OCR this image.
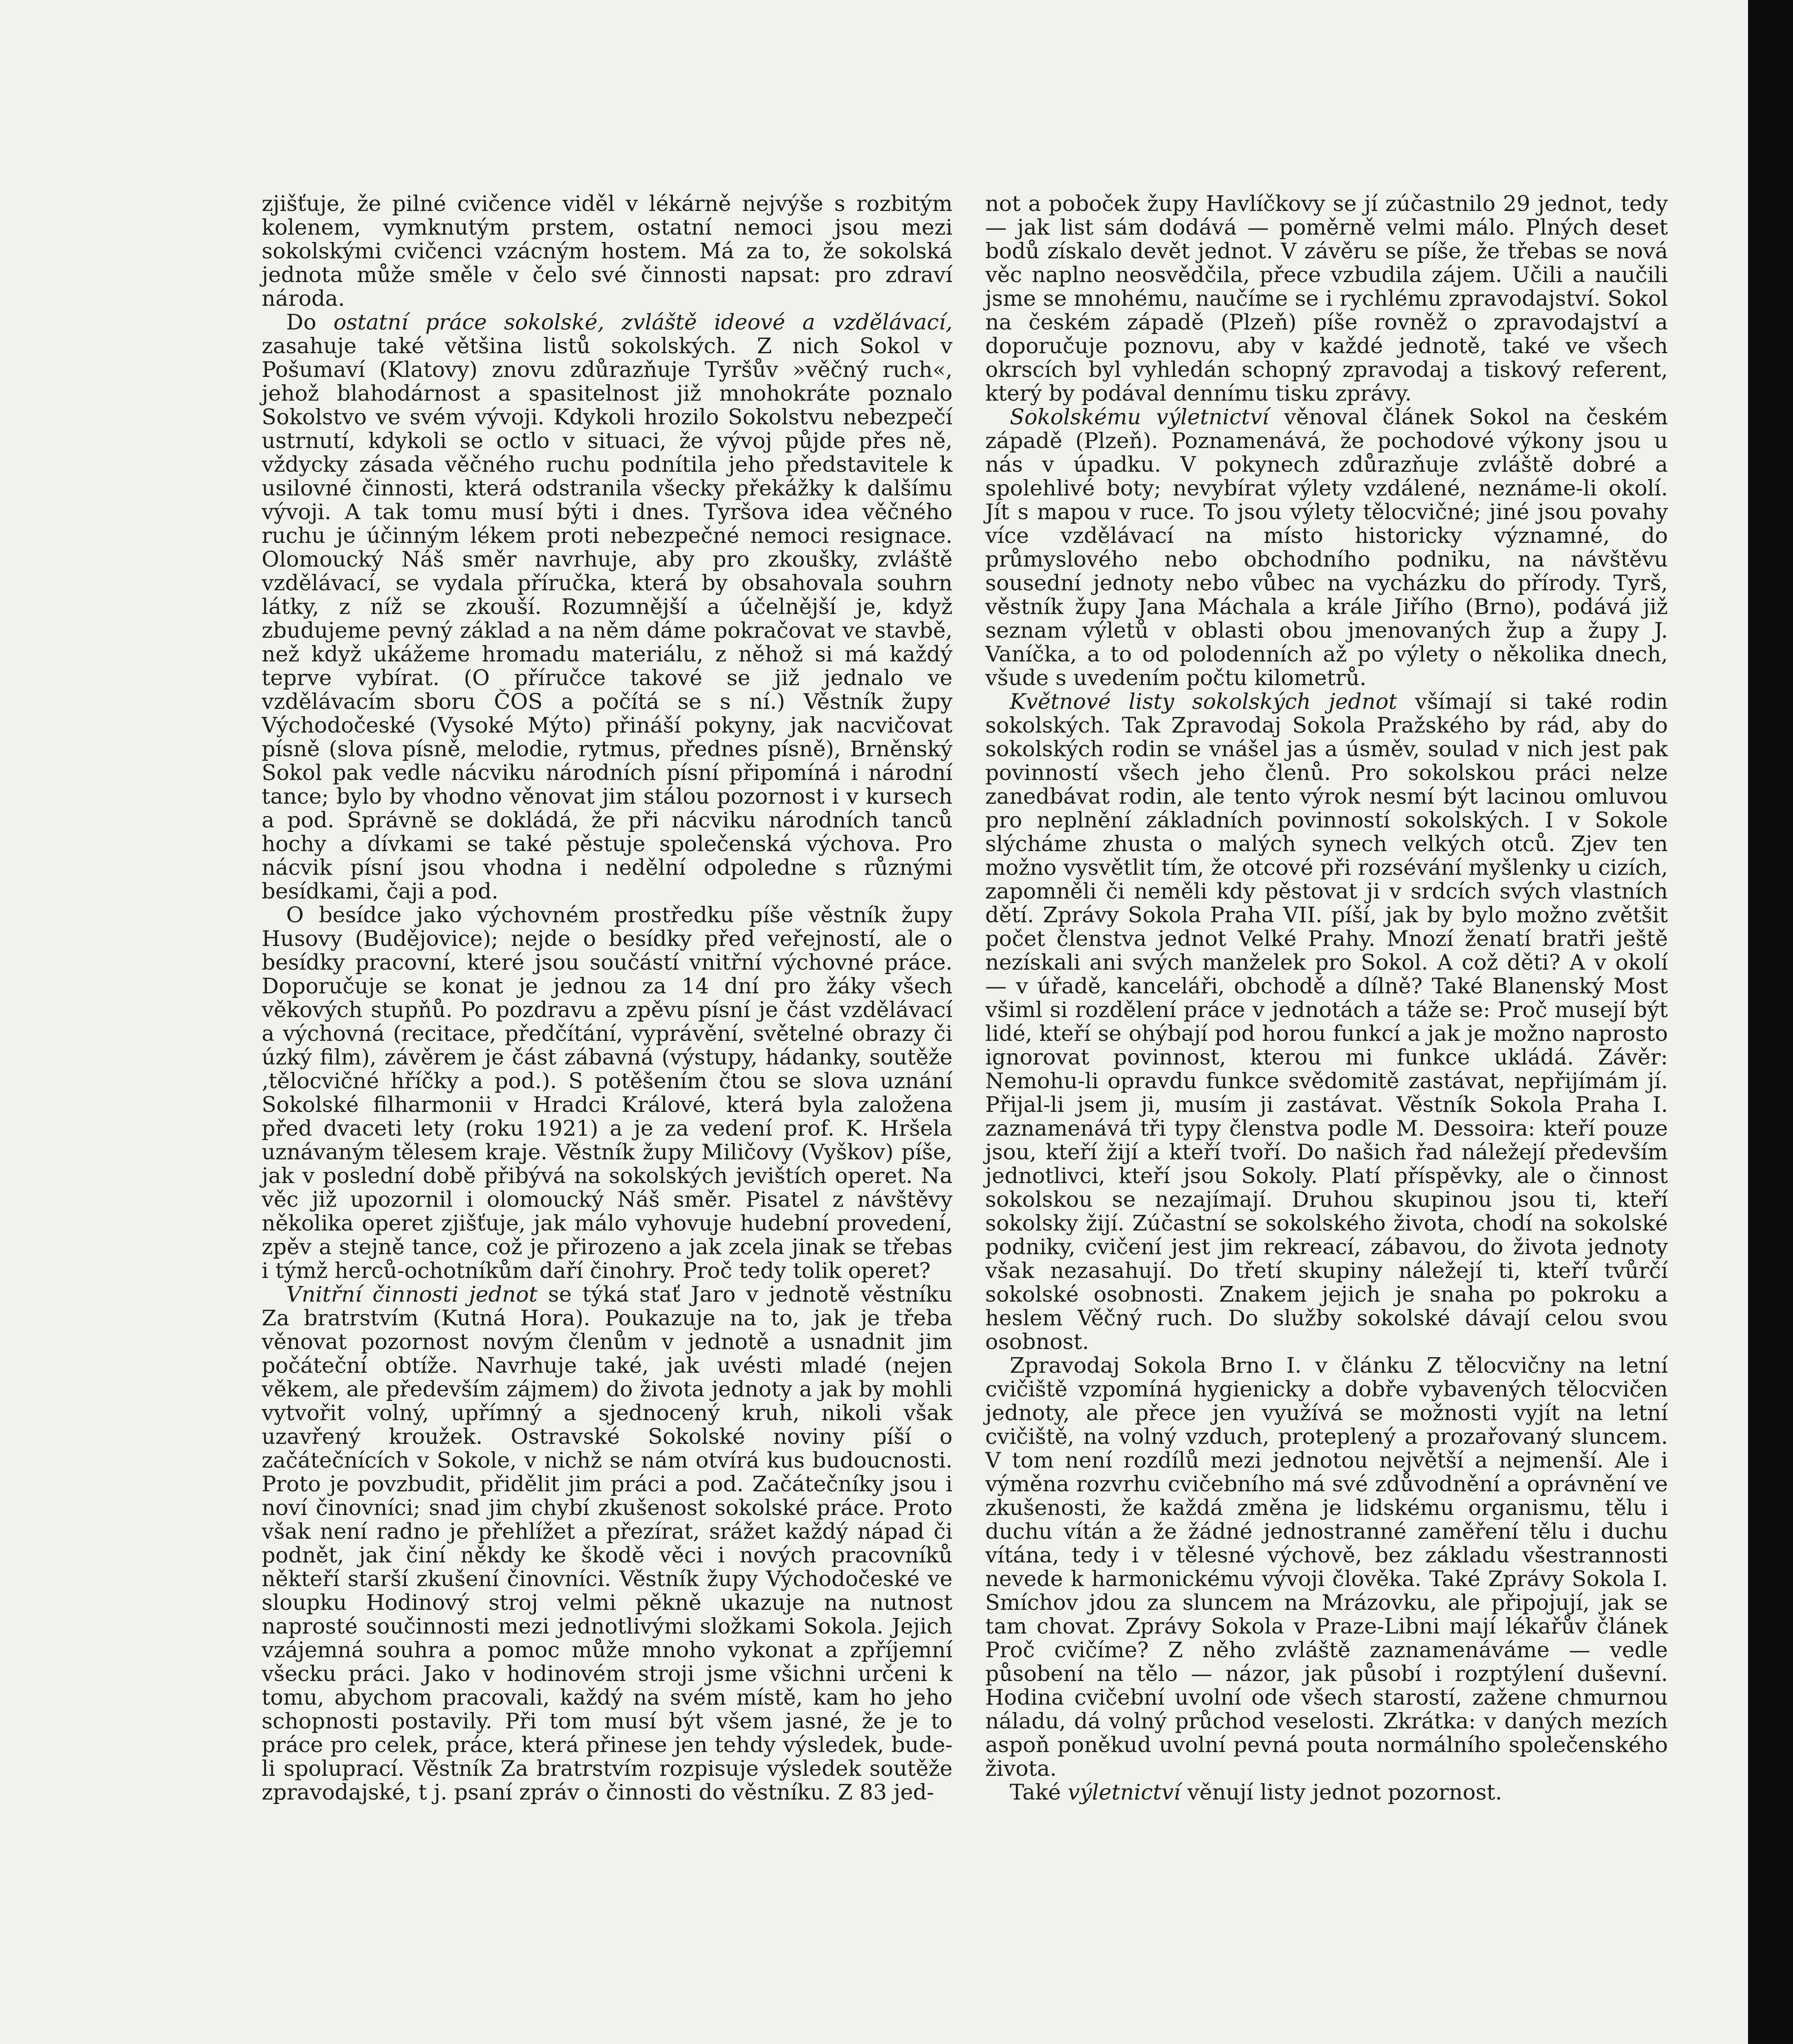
zjišťuje, že pilné cvičence viděl v lékárně nejvýše s rozbitým kolenem, vymknutým prstem, ostatní nemoci jsou mezi sokolskými cvičenci vzácným hostem. Má za to, že sokolská jednota může směle v čelo své činnosti napsat: pro zdraví národa.

Do ostatní práce sokolské, zvláště ideové a vzdělávací, zasahuje také většina listů sokolských. Z nich Sokol v Pošumaví (Klatovy) znovu zdůrazňuje Tyršův »věčný ruch«, jehož blahodárnost a spasitelnost již mnohokráte poznalo Sokolstvo ve svém vývoji. Kdykoli hrozilo Sokolstvu nebezpečí ustrnutí, kdykoli se octlo v situaci, že vývoj půjde přes ně, vždycky zásada věčného ruchu podnítila jeho představitele k usilovné činnosti, která odstranila všecky překážky k dalšímu vývoji. A tak tomu musí býti i dnes. Tyršova idea věčného ruchu je účinným lékem proti nebezpečné nemoci resignace. Olomoucký Náš směr navrhuje, aby pro zkoušky, zvláště vzdělávací, se vydala příručka, která by obsahovala souhrn látky, z níž se zkouší. Rozumnější a účelnější je, když zbudujeme pevný základ a na něm dáme pokračovat ve stavbě, než když ukážeme hromadu materiálu, z něhož si má každý teprve vybírat. (O příručce takové se již jednalo ve vzdělávacím sboru ČOS a počítá se s ní.) Věstník župy Východočeské (Vysoké Mýto) přináší pokyny, jak nacvičovat písně (slova písně, melodie, rytmus, přednes písně), Brněnský Sokol pak vedle nácviku národních písní připomíná i národní tance; bylo by vhodno věnovat jim stálou pozornost i v kursech a pod. Správně se dokládá, že při nácviku národních tanců hochy a dívkami se také pěstuje společenská výchova. Pro nácvik písní jsou vhodna i nedělní odpoledne s různými besídkami, čaji a pod.

O besídce jako výchovném prostředku píše věstník župy Husovy (Budějovice); nejde o besídky před veřejností, ale o besídky pracovní, které jsou součástí vnitřní výchovné práce. Doporučuje se konat je jednou za 14 dní pro žáky všech věkových stupňů. Po pozdravu a zpěvu písní je část vzdělávací a výchovná (recitace, předčítání, vyprávění, světelné obrazy či úzký film), závěrem je část zábavná (výstupy, hádanky, soutěže ‚tělocvičné hříčky a pod.). S potěšením čtou se slova uznání Sokolské filharmonii v Hradci Králové, která byla založena před dvaceti lety (roku 1921) a je za vedení prof. K. Hršela uznávaným tělesem kraje. Věstník župy Miličovy (Vyškov) píše, jak v poslední době přibývá na sokolských jevištích operet. Na věc již upozornil i olomoucký Náš směr. Pisatel z návštěvy několika operet zjišťuje, jak málo vyhovuje hudební provedení, zpěv a stejně tance, což je přirozeno a jak zcela jinak se třebas i týmž herců-ochotníkům daří činohry. Proč tedy tolik operet?

Vnitřní činnosti jednot se týká stať Jaro v jednotě věstníku Za bratrstvím (Kutná Hora). Poukazuje na to, jak je třeba věnovat pozornost novým členům v jednotě a usnadnit jim počáteční obtíže. Navrhuje také, jak uvésti mladé (nejen věkem, ale především zájmem) do života jednoty a jak by mohli vytvořit volný, upřímný a sjednocený kruh, nikoli však uzavřený kroužek. Ostravské Sokolské noviny píší o začátečnících v Sokole, v nichž se nám otvírá kus budoucnosti. Proto je povzbudit, přidělit jim práci a pod. Začátečníky jsou i noví činovníci; snad jim chybí zkušenost sokolské práce. Proto však není radno je přehlížet a přezírat, srážet každý nápad či podnět, jak činí někdy ke škodě věci i nových pracovníků někteří starší zkušení činovníci. Věstník župy Východočeské ve sloupku Hodinový stroj velmi pěkně ukazuje na nutnost naprosté součinnosti mezi jednotlivými složkami Sokola. Jejich vzájemná souhra a pomoc může mnoho vykonat a zpříjemní všecku práci. Jako v hodinovém stroji jsme všichni určeni k tomu, abychom pracovali, každý na svém místě, kam ho jeho schopnosti postavily. Při tom musí být všem jasné, že je to práce pro celek, práce, která přinese jen tehdy výsledek, bude-li spoluprací. Věstník Za bratrstvím rozpisuje výsledek soutěže zpravodajské, t j. psaní zpráv o činnosti do věstníku. Z 83 jed-

not a poboček župy Havlíčkovy se jí zúčastnilo 29 jednot, tedy — jak list sám dodává — poměrně velmi málo. Plných deset bodů získalo devět jednot. V závěru se píše, že třebas se nová věc naplno neosvědčila, přece vzbudila zájem. Učili a naučili jsme se mnohému, naučíme se i rychlému zpravodajství. Sokol na českém západě (Plzeň) píše rovněž o zpravodajství a doporučuje poznovu, aby v každé jednotě, také ve všech okrscích byl vyhledán schopný zpravodaj a tiskový referent, který by podával dennímu tisku zprávy.

Sokolskému výletnictví věnoval článek Sokol na českém západě (Plzeň). Poznamenává, že pochodové výkony jsou u nás v úpadku. V pokynech zdůrazňuje zvláště dobré a spolehlivé boty; nevybírat výlety vzdálené, neznáme-li okolí. Jít s mapou v ruce. To jsou výlety tělocvičné; jiné jsou povahy více vzdělávací na místo historicky významné, do průmyslového nebo obchodního podniku, na návštěvu sousední jednoty nebo vůbec na vycházku do přírody. Tyrš, věstník župy Jana Máchala a krále Jiřího (Brno), podává již seznam výletů v oblasti obou jmenovaných žup a župy J. Vaníčka, a to od polodenních až po výlety o několika dnech, všude s uvedením počtu kilometrů.

Květnové listy sokolských jednot všímají si také rodin sokolských. Tak Zpravodaj Sokola Pražského by rád, aby do sokolských rodin se vnášel jas a úsměv, soulad v nich jest pak povinností všech jeho členů. Pro sokolskou práci nelze zanedbávat rodin, ale tento výrok nesmí být lacinou omluvou pro neplnění základních povinností sokolských. I v Sokole slýcháme zhusta o malých synech velkých otců. Zjev ten možno vysvětlit tím, že otcové při rozsévání myšlenky u cizích, zapomněli či neměli kdy pěstovat ji v srdcích svých vlastních dětí. Zprávy Sokola Praha VII. píší, jak by bylo možno zvětšit počet členstva jednot Velké Prahy. Mnozí ženatí bratři ještě nezískali ani svých manželek pro Sokol. A což děti? A v okolí — v úřadě, kanceláři, obchodě a dílně? Také Blanenský Most všiml si rozdělení práce v jednotách a táže se: Proč musejí být lidé, kteří se ohýbají pod horou funkcí a jak je možno naprosto ignorovat povinnost, kterou mi funkce ukládá. Závěr: Nemohu-li opravdu funkce svědomitě zastávat, nepřijímám jí. Přijal-li jsem ji, musím ji zastávat. Věstník Sokola Praha I. zaznamenává tři typy členstva podle M. Dessoira: kteří pouze jsou, kteří žijí a kteří tvoří. Do našich řad náležejí především jednotlivci, kteří jsou Sokoly. Platí příspěvky, ale o činnost sokolskou se nezajímají. Druhou skupinou jsou ti, kteří sokolsky žijí. Zúčastní se sokolského života, chodí na sokolské podniky, cvičení jest jim rekreací, zábavou, do života jednoty však nezasahují. Do třetí skupiny náležejí ti, kteří tvůrčí sokolské osobnosti. Znakem jejich je snaha po pokroku a heslem Věčný ruch. Do služby sokolské dávají celou svou osobnost.

Zpravodaj Sokola Brno I. v článku Z tělocvičny na letní cvičiště vzpomíná hygienicky a dobře vybavených tělocvičen jednoty, ale přece jen využívá se možnosti vyjít na letní cvičiště, na volný vzduch, proteplený a prozařovaný sluncem. V tom není rozdílů mezi jednotou největší a nejmenší. Ale i výměna rozvrhu cvičebního má své zdůvodnění a oprávnění ve zkušenosti, že každá změna je lidskému organismu, tělu i duchu vítán a že žádné jednostranné zaměření tělu i duchu vítána, tedy i v tělesné výchově, bez základu všestrannosti nevede k harmonickému vývoji člověka. Také Zprávy Sokola I. Smíchov jdou za sluncem na Mrázovku, ale připojují, jak se tam chovat. Zprávy Sokola v Praze-Libni mají lékařův článek Proč cvičíme? Z něho zvláště zaznamenáváme — vedle působení na tělo — názor, jak působí i rozptýlení duševní. Hodina cvičební uvolní ode všech starostí, zažene chmurnou náladu, dá volný průchod veselosti. Zkrátka: v daných mezích aspoň poněkud uvolní pevná pouta normálního společenského života.

Také výletnictví věnují listy jednot pozornost.
